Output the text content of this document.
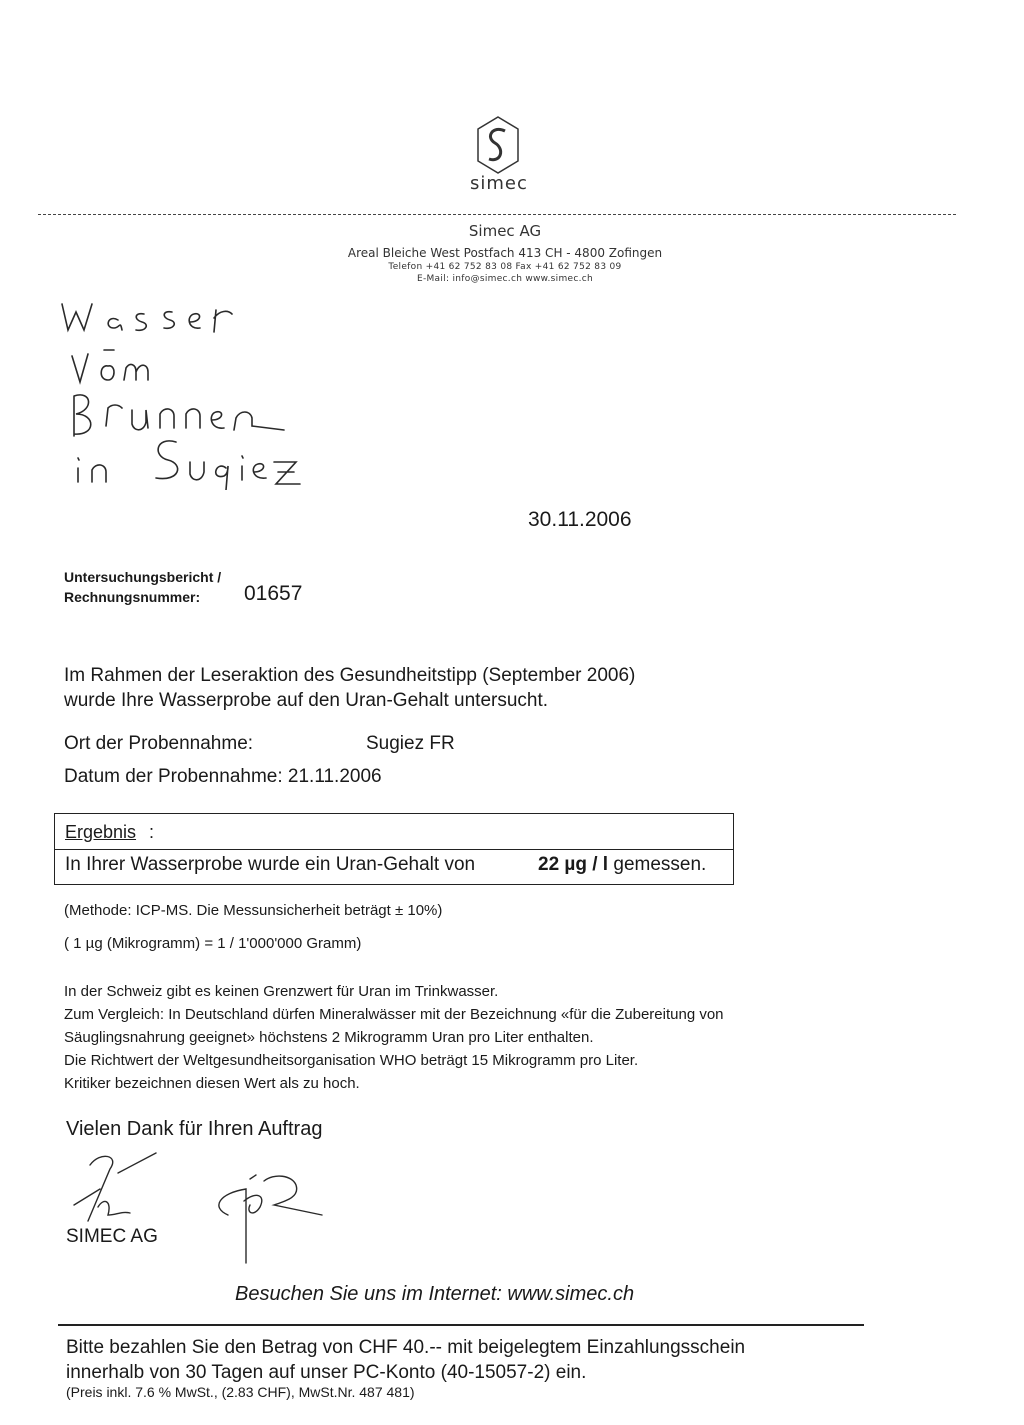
simec
Simec AG
Areal Bleiche West Postfach 413 CH - 4800 Zofingen
Telefon +41 62 752 83 08 Fax +41 62 752 83 09
E-Mail: info@simec.ch www.simec.ch
30.11.2006
Untersuchungsbericht /
Rechnungsnummer: 01657
Im Rahmen der Leseraktion des Gesundheitstipp (September 2006)
wurde Ihre Wasserprobe auf den Uran-Gehalt untersucht.
Ort der Probennahme:	Sugiez FR
Datum der Probennahme: 21.11.2006
Ergebnis :
In Ihrer Wasserprobe wurde ein Uran-Gehalt von	22 µg / l gemessen.
(Methode: ICP-MS. Die Messunsicherheit beträgt ± 10%)
( 1 µg (Mikrogramm) = 1 / 1'000'000 Gramm)
In der Schweiz gibt es keinen Grenzwert für Uran im Trinkwasser.
Zum Vergleich: In Deutschland dürfen Mineralwässer mit der Bezeichnung «für die Zubereitung von
Säuglingsnahrung geeignet» höchstens 2 Mikrogramm Uran pro Liter enthalten.
Die Richtwert der Weltgesundheitsorganisation WHO beträgt 15 Mikrogramm pro Liter.
Kritiker bezeichnen diesen Wert als zu hoch.
Vielen Dank für Ihren Auftrag
SIMEC AG
Besuchen Sie uns im Internet: www.simec.ch
Bitte bezahlen Sie den Betrag von CHF 40.-- mit beigelegtem Einzahlungsschein
innerhalb von 30 Tagen auf unser PC-Konto (40-15057-2) ein.
(Preis inkl. 7.6 % MwSt., (2.83 CHF), MwSt.Nr. 487 481)
